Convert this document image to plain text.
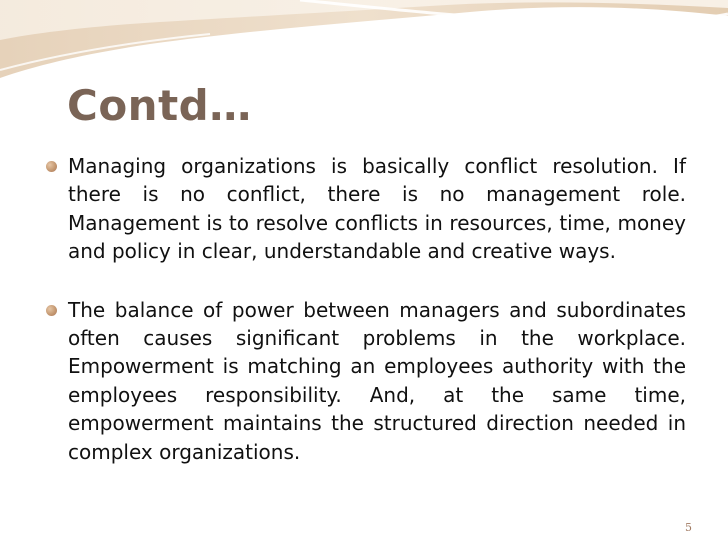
Contd…
Managing organizations is basically conflict resolution. If there is no conflict, there is no management role. Management is to resolve conflicts in resources, time, money and policy in clear, understandable and creative ways.
The balance of power between managers and subordinates often causes significant problems in the workplace. Empowerment is matching an employees authority with the employees responsibility. And, at the same time, empowerment maintains the structured direction needed in complex organizations.
5
